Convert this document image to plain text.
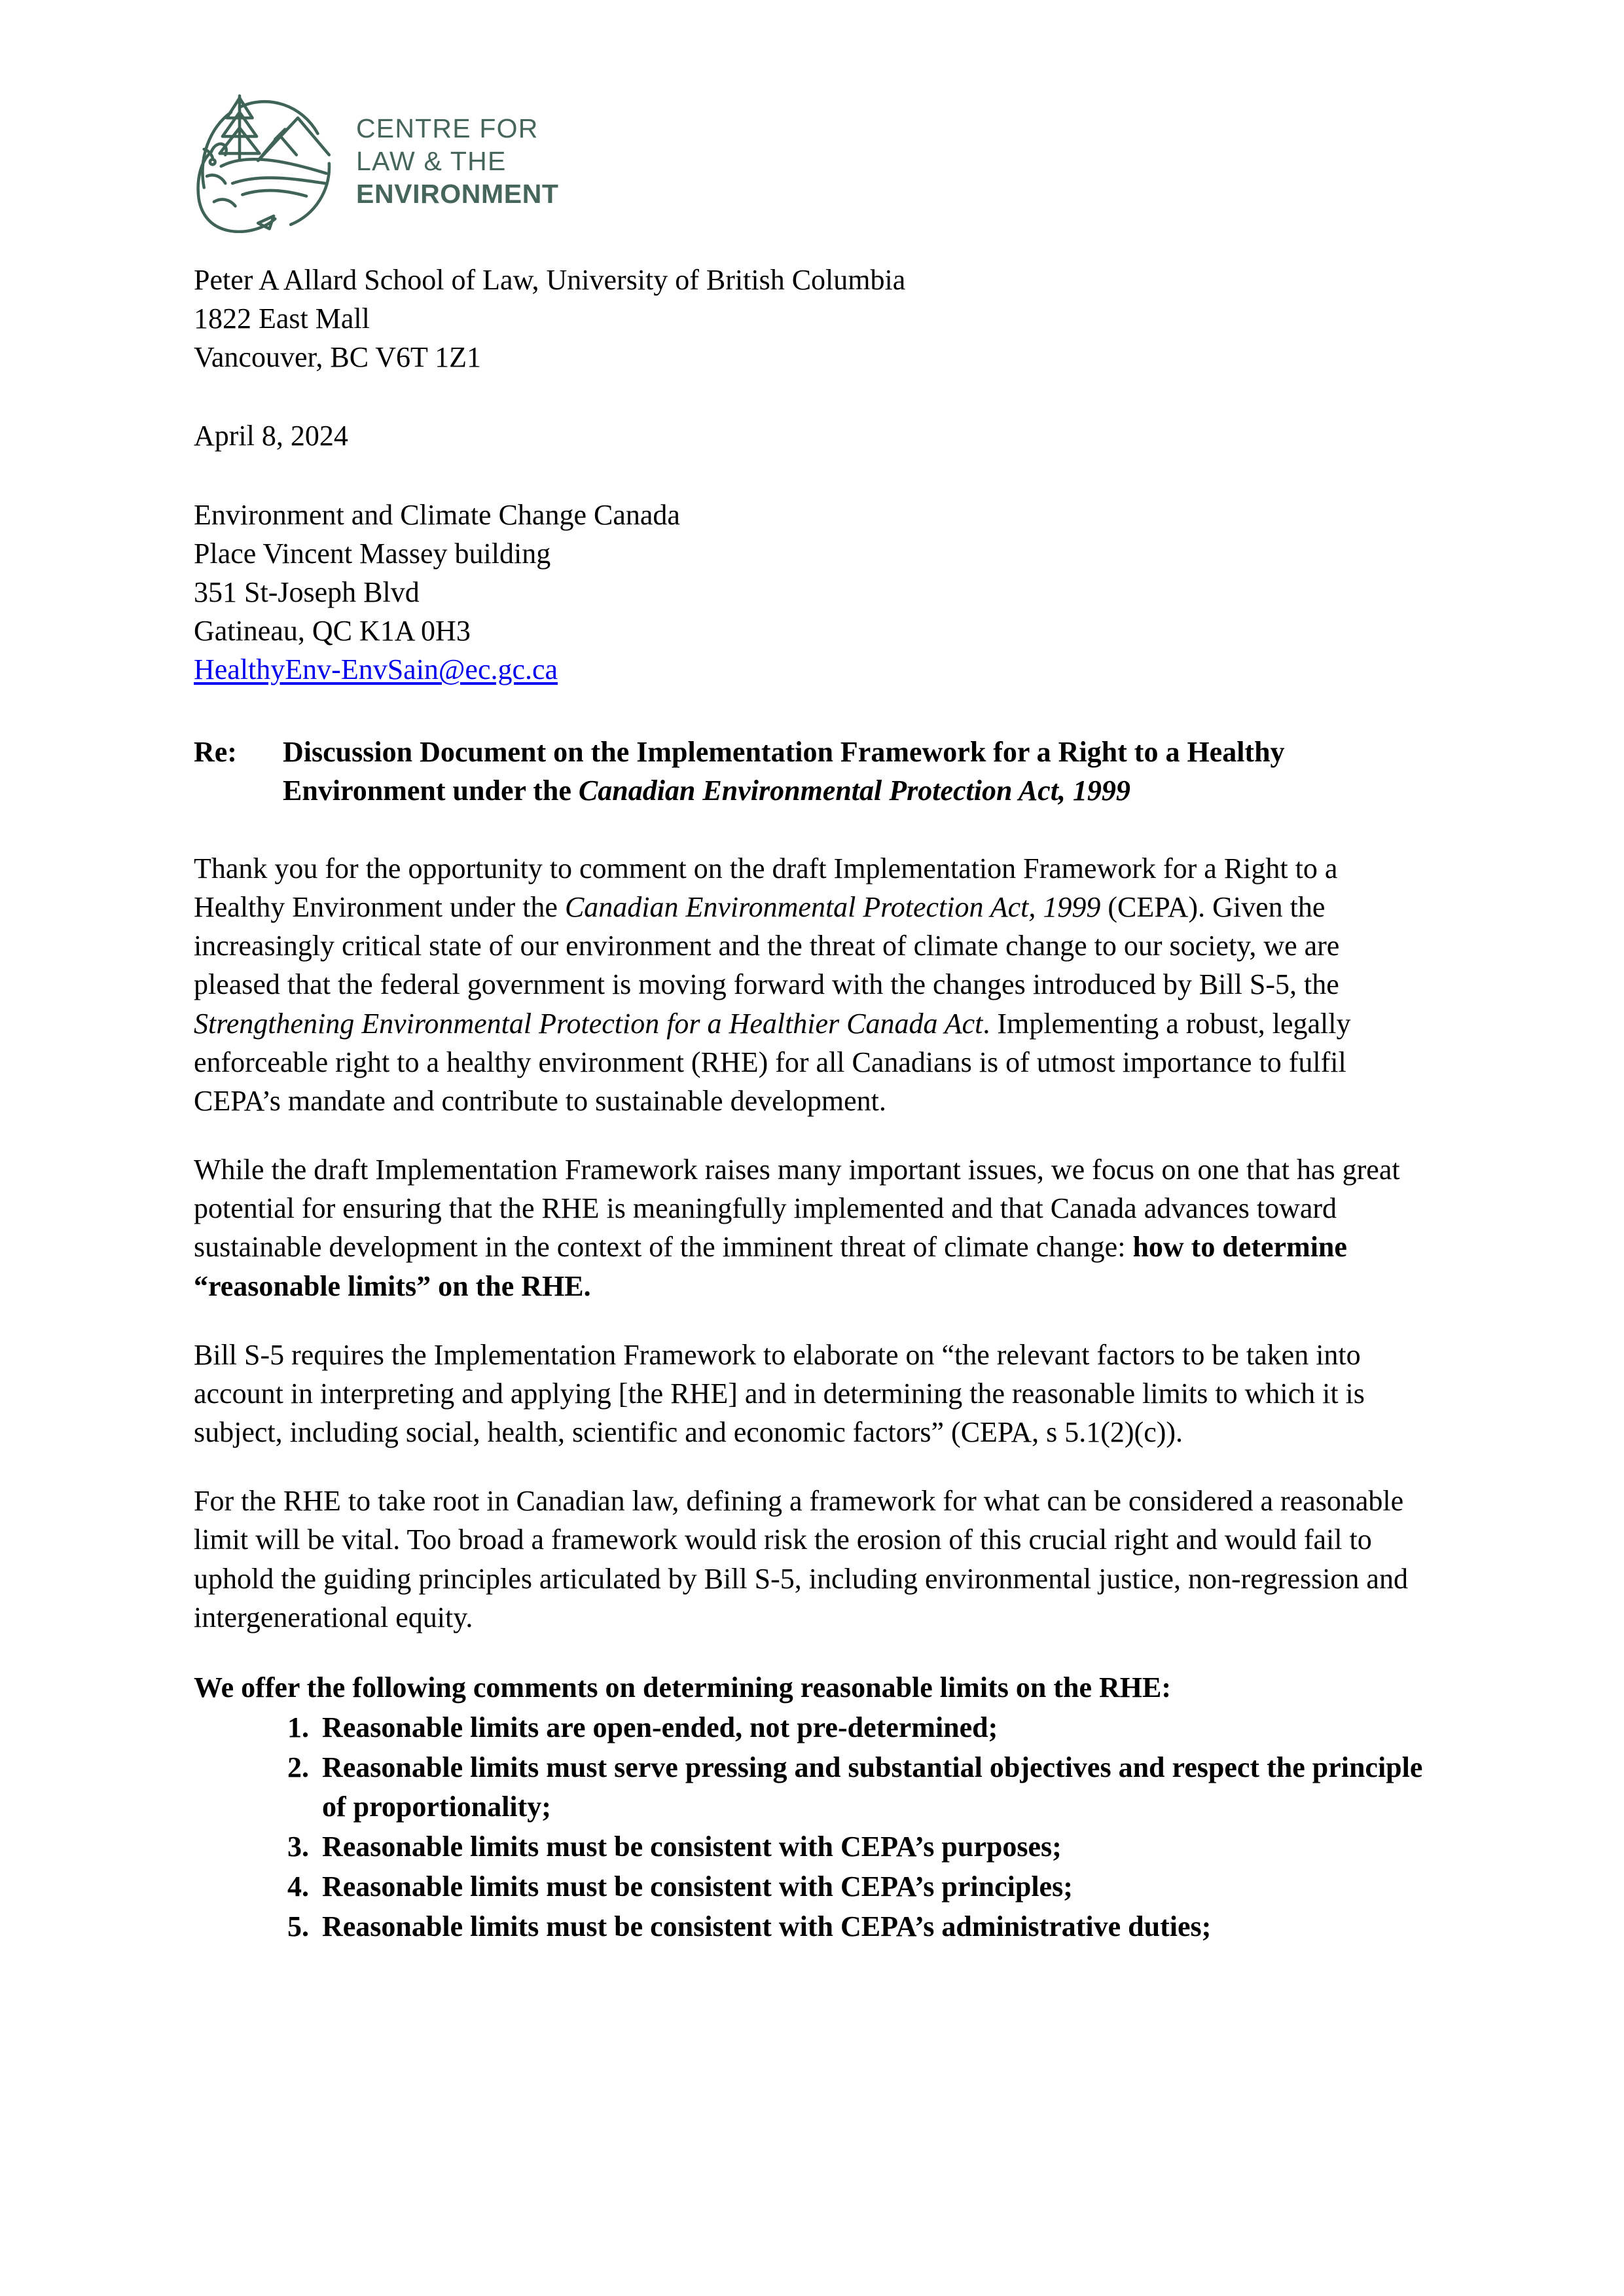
CENTRE FOR
LAW & THE
ENVIRONMENT
Peter A Allard School of Law, University of British Columbia
1822 East Mall
Vancouver, BC V6T 1Z1
April 8, 2024
Environment and Climate Change Canada
Place Vincent Massey building
351 St-Joseph Blvd
Gatineau, QC K1A 0H3
HealthyEnv-EnvSain@ec.gc.ca
Re:	Discussion Document on the Implementation Framework for a Right to a Healthy Environment under the Canadian Environmental Protection Act, 1999

Thank you for the opportunity to comment on the draft Implementation Framework for a Right to a Healthy Environment under the Canadian Environmental Protection Act, 1999 (CEPA). Given the increasingly critical state of our environment and the threat of climate change to our society, we are pleased that the federal government is moving forward with the changes introduced by Bill S-5, the Strengthening Environmental Protection for a Healthier Canada Act. Implementing a robust, legally enforceable right to a healthy environment (RHE) for all Canadians is of utmost importance to fulfil CEPA’s mandate and contribute to sustainable development.

While the draft Implementation Framework raises many important issues, we focus on one that has great potential for ensuring that the RHE is meaningfully implemented and that Canada advances toward sustainable development in the context of the imminent threat of climate change: how to determine “reasonable limits” on the RHE.

Bill S-5 requires the Implementation Framework to elaborate on “the relevant factors to be taken into account in interpreting and applying [the RHE] and in determining the reasonable limits to which it is subject, including social, health, scientific and economic factors” (CEPA, s 5.1(2)(c)).

For the RHE to take root in Canadian law, defining a framework for what can be considered a reasonable limit will be vital. Too broad a framework would risk the erosion of this crucial right and would fail to uphold the guiding principles articulated by Bill S-5, including environmental justice, non-regression and intergenerational equity.

We offer the following comments on determining reasonable limits on the RHE:
Reasonable limits are open-ended, not pre-determined;
Reasonable limits must serve pressing and substantial objectives and respect the principle of proportionality;
Reasonable limits must be consistent with CEPA’s purposes;
Reasonable limits must be consistent with CEPA’s principles;
Reasonable limits must be consistent with CEPA’s administrative duties;
